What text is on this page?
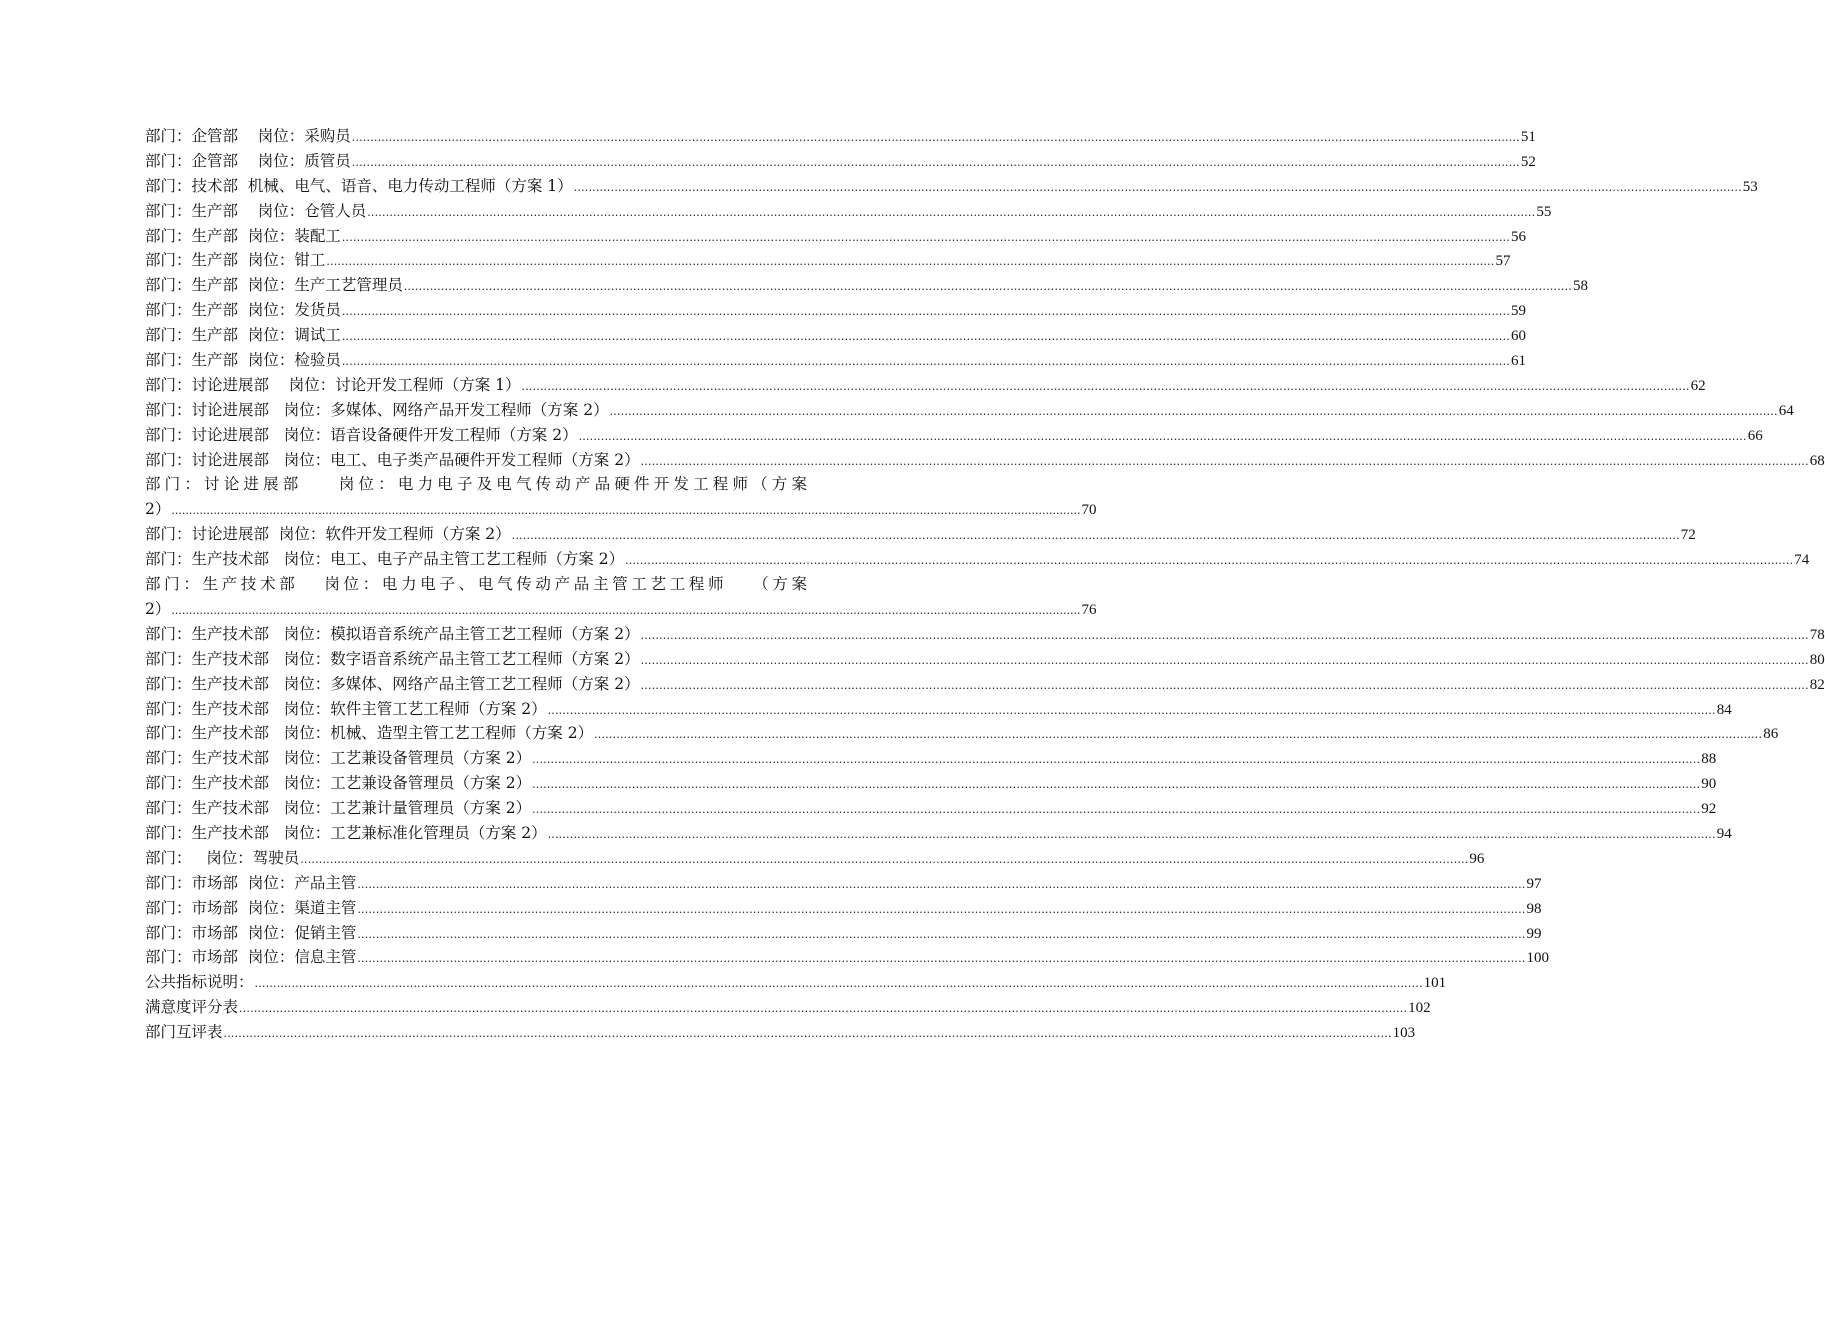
部门：企管部    岗位：采购员 .....	51
部门：企管部    岗位：质管员 .....	52
部门：技术部  机械、电气、语音、电力传动工程师（方案 1） .....	53
部门：生产部    岗位：仓管人员 .....	55
部门：生产部  岗位：装配工 .....	56
部门：生产部  岗位：钳工 .....	57
部门：生产部  岗位：生产工艺管理员 .....	58
部门：生产部  岗位：发货员 .....	59
部门：生产部  岗位：调试工 .....	60
部门：生产部  岗位：检验员 .....	61
部门：讨论进展部    岗位：讨论开发工程师（方案 1） .....	62
部门：讨论进展部   岗位：多媒体、网络产品开发工程师（方案 2） .....	64
部门：讨论进展部   岗位：语音设备硬件开发工程师（方案 2） .....	66
部门：讨论进展部   岗位：电工、电子类产品硬件开发工程师（方案 2） .....	68
部门：讨论进展部    岗位：电力电子及电气传动产品硬件开发工程师（方案
2） .................................................................................................................................................................................................................................................................... 70
部门：讨论进展部  岗位：软件开发工程师（方案 2） .....	72
部门：生产技术部   岗位：电工、电子产品主管工艺工程师（方案 2） .....	74
部门：生产技术部   岗位：电力电子、电气传动产品主管工艺工程师   （方案
2） .................................................................................................................................................................................................................................................................... 76
部门：生产技术部   岗位：模拟语音系统产品主管工艺工程师（方案 2） .....	78
部门：生产技术部   岗位：数字语音系统产品主管工艺工程师（方案 2） .....	80
部门：生产技术部   岗位：多媒体、网络产品主管工艺工程师（方案 2） .....	82
部门：生产技术部   岗位：软件主管工艺工程师（方案 2） .....	84
部门：生产技术部   岗位：机械、造型主管工艺工程师（方案 2） .....	86
部门：生产技术部   岗位：工艺兼设备管理员（方案 2） .....	88
部门：生产技术部   岗位：工艺兼设备管理员（方案 2） .....	90
部门：生产技术部   岗位：工艺兼计量管理员（方案 2） .....	92
部门：生产技术部   岗位：工艺兼标准化管理员（方案 2） .....	94
部门：   岗位：驾驶员 .....	96
部门：市场部  岗位：产品主管 .....	97
部门：市场部  岗位：渠道主管 .....	98
部门：市场部  岗位：促销主管 .....	99
部门：市场部  岗位：信息主管 .....	100
公共指标说明： .....	101
满意度评分表 .....	102
部门互评表 .....	103
